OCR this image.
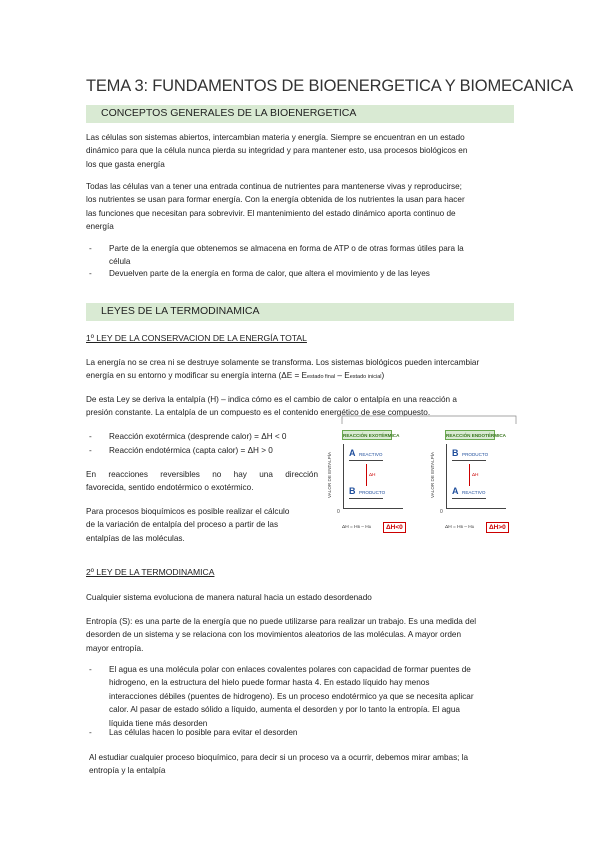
TEMA 3: FUNDAMENTOS DE BIOENERGETICA Y BIOMECANICA
CONCEPTOS GENERALES DE LA BIOENERGETICA
Las células son sistemas abiertos, intercambian materia y energía. Siempre se encuentran en un estado
dinámico para que la célula nunca pierda su integridad y para mantener esto, usa procesos biológicos en
los que gasta energía
Todas las células van a tener una entrada continua de nutrientes para mantenerse vivas y reproducirse;
los nutrientes se usan para formar energía. Con la energía obtenida de los nutrientes la usan para hacer
las funciones que necesitan para sobrevivir. El mantenimiento del estado dinámico aporta continuo de
energía
- Parte de la energía que obtenemos se almacena en forma de ATP o de otras formas útiles para la
célula
- Devuelven parte de la energía en forma de calor, que altera el movimiento y de las leyes
LEYES DE LA TERMODINAMICA
1º LEY DE LA CONSERVACION DE LA ENERGÍA TOTAL
La energía no se crea ni se destruye solamente se transforma. Los sistemas biológicos pueden intercambiar
energía en su entorno y modificar su energía interna (ΔE = Eestado final – Eestado inicial)
De esta Ley se deriva la entalpía (H) – indica cómo es el cambio de calor o entalpía en una reacción a
presión constante. La entalpía de un compuesto es el contenido energético de ese compuesto.
- Reacción exotérmica (desprende calor) = ΔH < 0
- Reacción endotérmica (capta calor) = ΔH > 0
En reacciones reversibles no hay una dirección
favorecida, sentido endotérmico o exotérmico.
Para procesos bioquímicos es posible realizar el cálculo
de la variación de entalpía del proceso a partir de las
entalpías de las moléculas.
REACCIÓN EXOTÉRMICA
VALOR DE ENTALPÍA
0
A REACTIVO
ΔH
B PRODUCTO
ΔH = HB – HA	ΔH<0
REACCIÓN ENDOTÉRMICA
VALOR DE ENTALPÍA
0
B PRODUCTO
ΔH
A REACTIVO
ΔH = HB – HA	ΔH>0
2º LEY DE LA TERMODINAMICA
Cualquier sistema evoluciona de manera natural hacia un estado desordenado
Entropía (S): es una parte de la energía que no puede utilizarse para realizar un trabajo. Es una medida del
desorden de un sistema y se relaciona con los movimientos aleatorios de las moléculas. A mayor orden
mayor entropía.
- El agua es una molécula polar con enlaces covalentes polares con capacidad de formar puentes de
hidrogeno, en la estructura del hielo puede formar hasta 4. En estado líquido hay menos
interacciones débiles (puentes de hidrogeno). Es un proceso endotérmico ya que se necesita aplicar
calor. Al pasar de estado sólido a líquido, aumenta el desorden y por lo tanto la entropía. El agua
líquida tiene más desorden
- Las células hacen lo posible para evitar el desorden
Al estudiar cualquier proceso bioquímico, para decir si un proceso va a ocurrir, debemos mirar ambas; la
entropía y la entalpía
